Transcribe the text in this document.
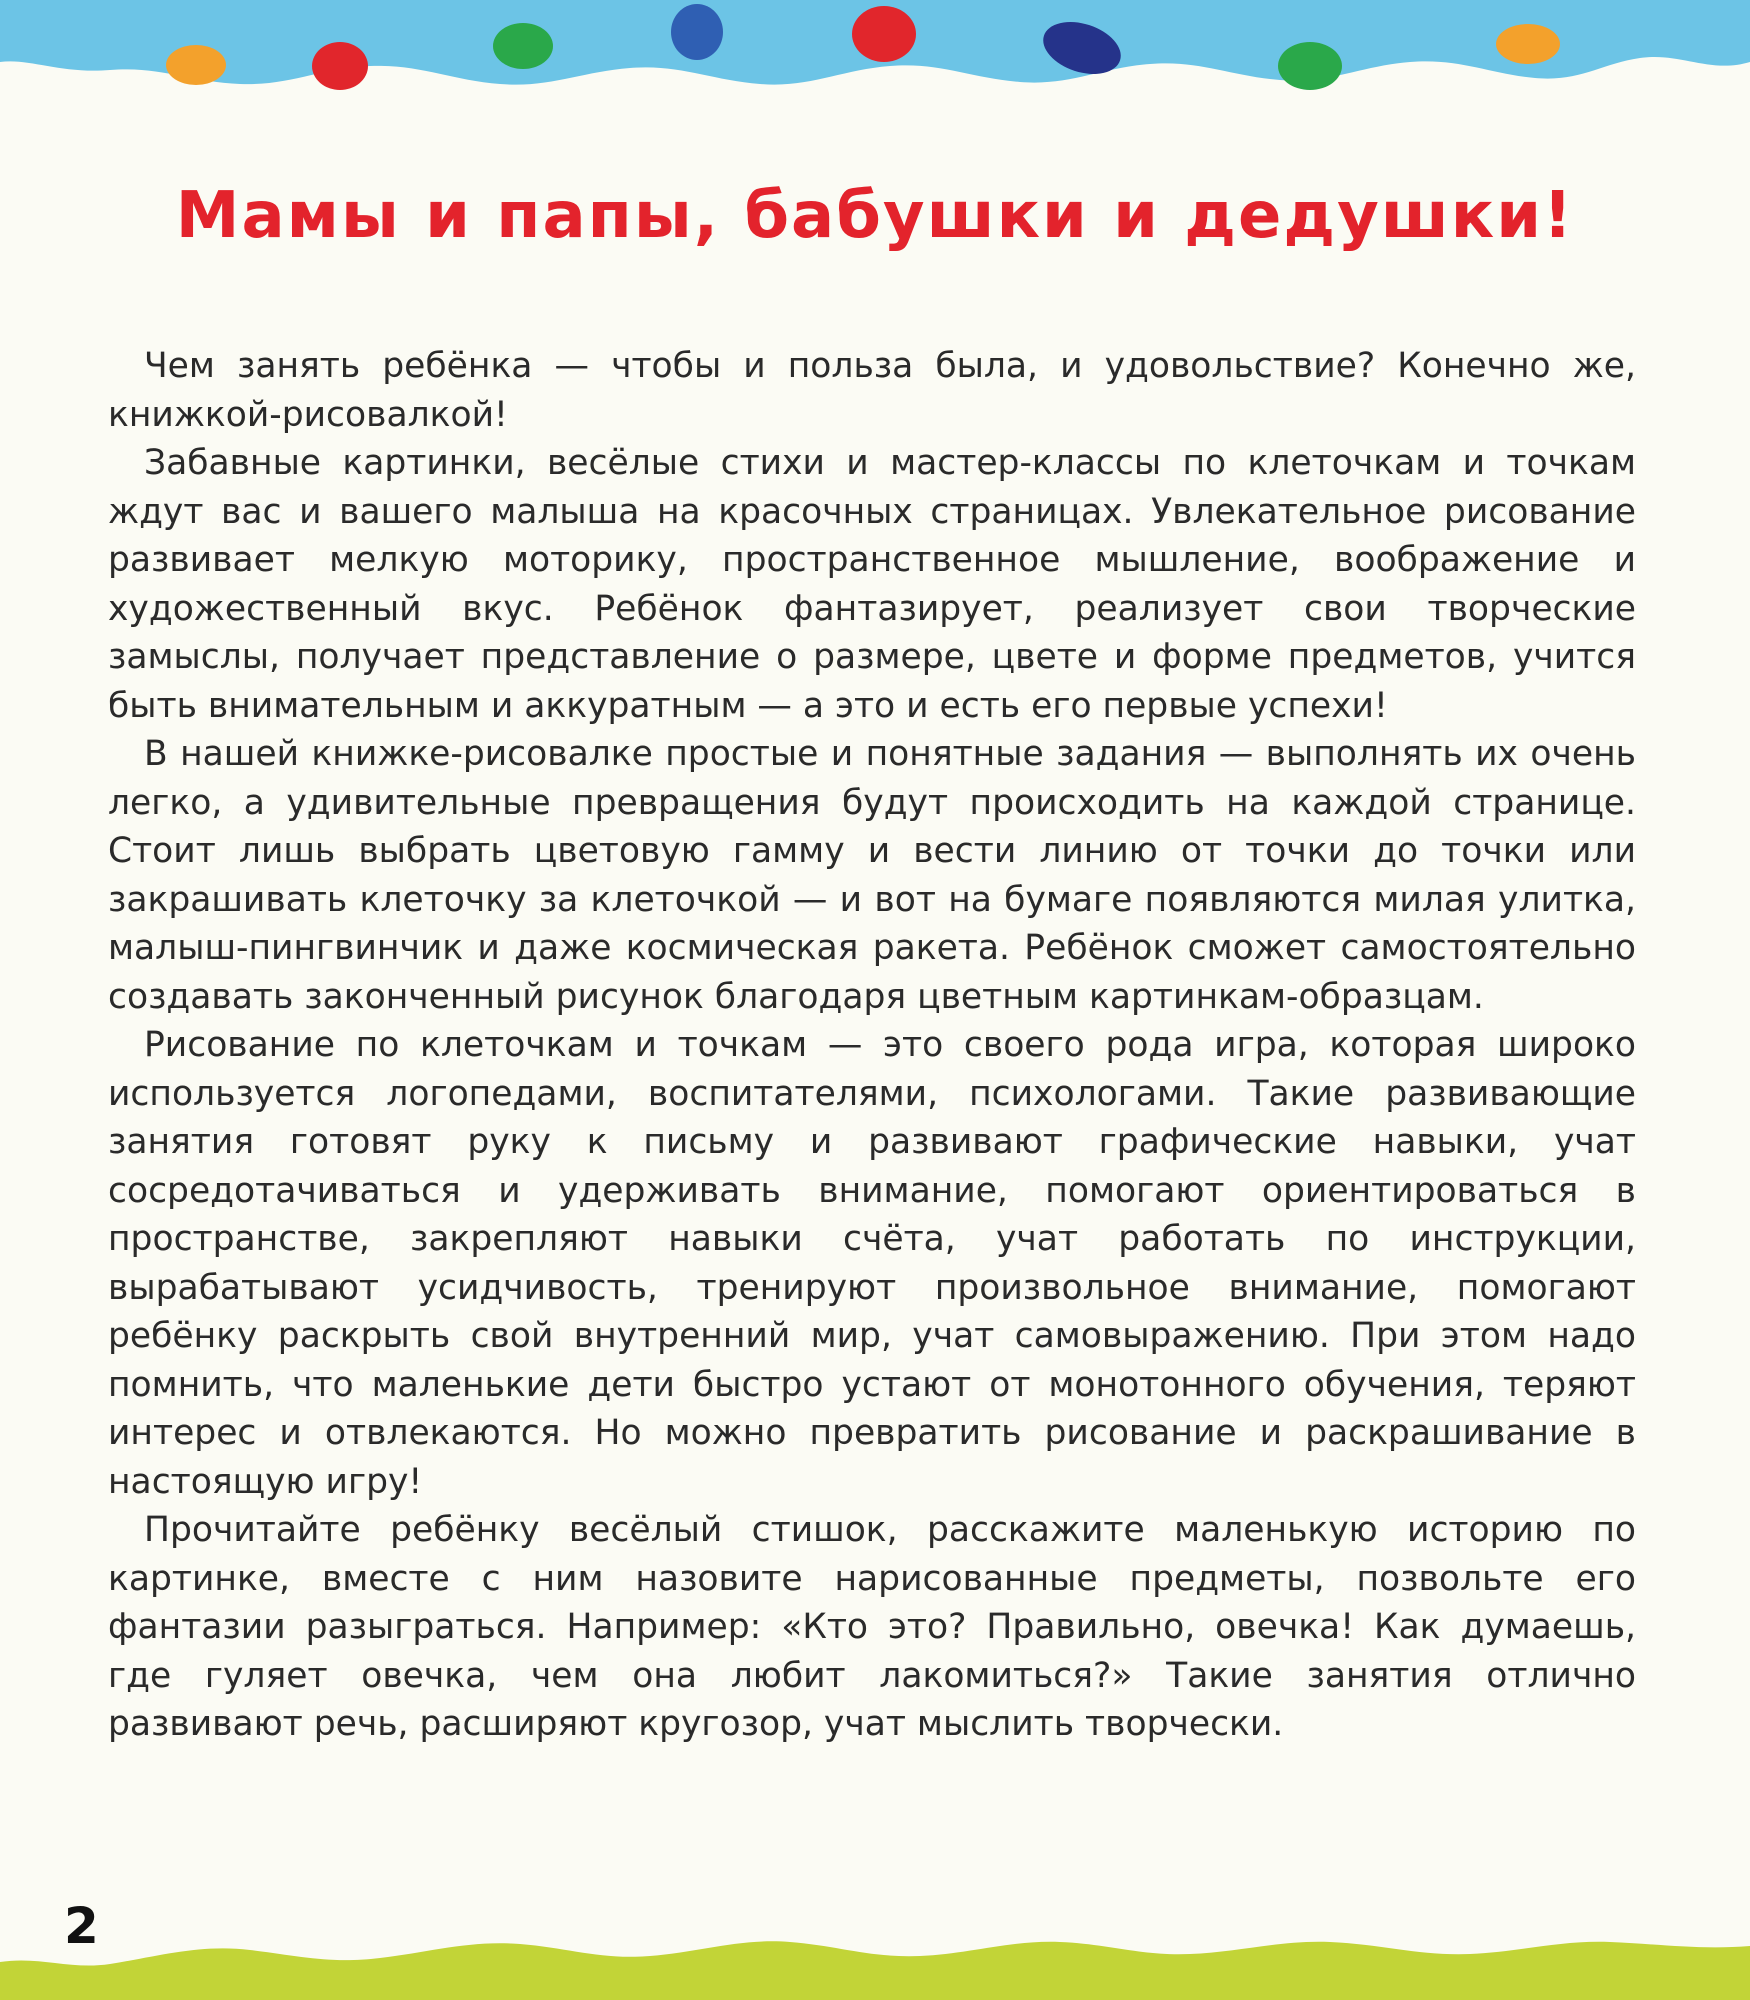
Мамы и папы, бабушки и дедушки!

Чем занять ребёнка — чтобы и польза была, и удовольствие? Конечно же, книжкой-рисовалкой!

Забавные картинки, весёлые стихи и мастер-классы по клеточкам и точкам ждут вас и вашего малыша на красочных страницах. Увлекательное рисование развивает мелкую моторику, пространственное мышление, воображение и художественный вкус. Ребёнок фантазирует, реализует свои творческие замыслы, получает представление о размере, цвете и форме предметов, учится быть внимательным и аккуратным — а это и есть его первые успехи!

В нашей книжке-рисовалке простые и понятные задания — выполнять их очень легко, а удивительные превращения будут происходить на каждой странице. Стоит лишь выбрать цветовую гамму и вести линию от точки до точки или закрашивать клеточку за клеточкой — и вот на бумаге появляются милая улитка, малыш-пингвинчик и даже космическая ракета. Ребёнок сможет самостоятельно создавать законченный рисунок благодаря цветным картинкам-образцам.

Рисование по клеточкам и точкам — это своего рода игра, которая широко используется логопедами, воспитателями, психологами. Такие развивающие занятия готовят руку к письму и развивают графические навыки, учат сосредотачиваться и удерживать внимание, помогают ориентироваться в пространстве, закрепляют навыки счёта, учат работать по инструкции, вырабатывают усидчивость, тренируют произвольное внимание, помогают ребёнку раскрыть свой внутренний мир, учат самовыражению. При этом надо помнить, что маленькие дети быстро устают от монотонного обучения, теряют интерес и отвлекаются. Но можно превратить рисование и раскрашивание в настоящую игру!

Прочитайте ребёнку весёлый стишок, расскажите маленькую историю по картинке, вместе с ним назовите нарисованные предметы, позвольте его фантазии разыграться. Например: «Кто это? Правильно, овечка! Как думаешь, где гуляет овечка, чем она любит лакомиться?» Такие занятия отлично развивают речь, расширяют кругозор, учат мыслить творчески.

2
